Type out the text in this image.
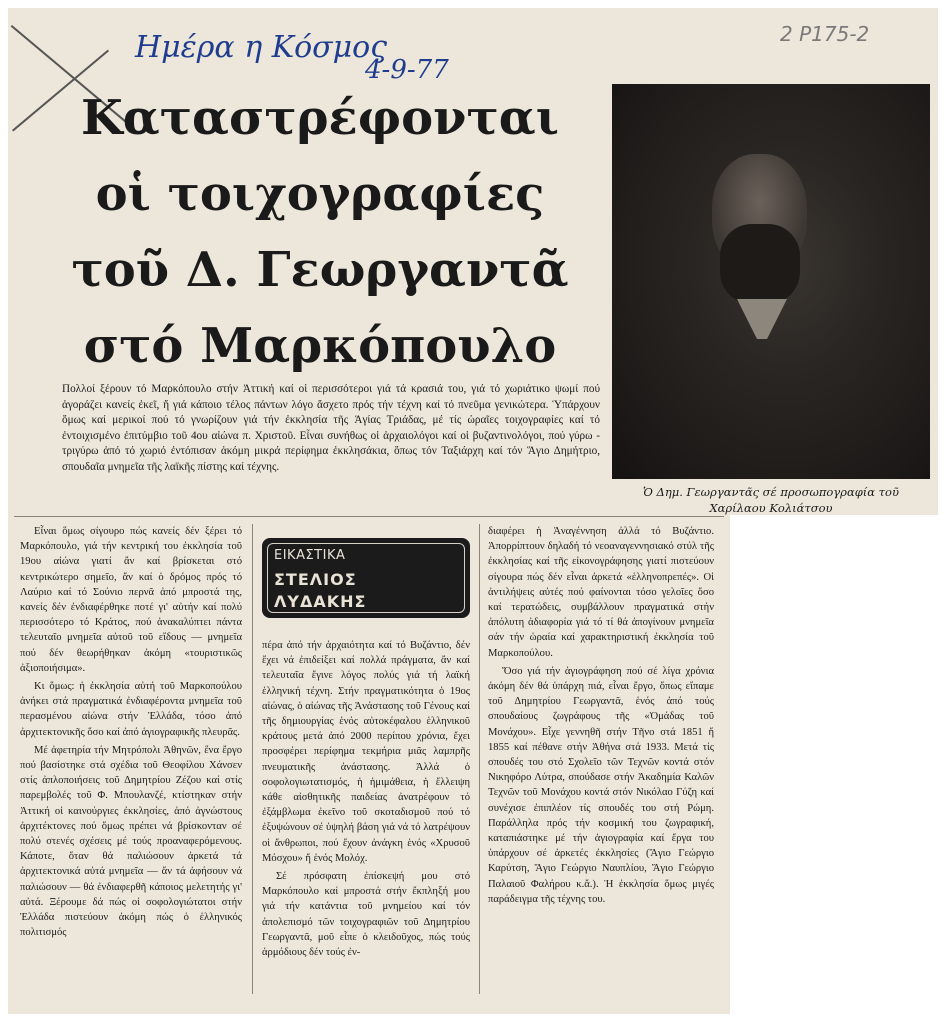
Ημέρα η Κόσμος
4-9-77
2 P175-2
Καταστρέφονται
οἱ τοιχογραφίες
τοῦ Δ. Γεωργαντᾶ
στό Μαρκόπουλο
Ὁ Δημ. Γεωργαντᾶς σέ προσωπογραφία τοῦ
Χαρίλαου Κολιάτσου
Πολλοί ξέρουν τό Μαρκόπουλο στήν Ἀττική καί οἱ περισσότεροι γιά τά κρασιά του, γιά τό χωριάτικο ψωμί πού ἀγοράζει κανείς ἐκεῖ, ἤ γιά κάποιο τέλος πάντων λόγο ἄσχετο πρός τήν τέχνη καί τό πνεῦμα γενικώτερα. Ὑπάρχουν ὅμως καί μερικοί πού τό γνωρίζουν γιά τήν ἐκκλησία τῆς Ἁγίας Τριάδας, μέ τίς ὡραῖες τοιχογραφίες καί τό ἐντοιχισμένο ἐπιτύμβιο τοῦ 4ου αἰώνα π. Χριστοῦ. Εἶναι συνήθως οἱ ἀρχαιολόγοι καί οἱ βυζαντινολόγοι, πού γύρω - τριγύρω ἀπό τό χωριό ἐντόπισαν ἀκόμη μικρά περίφημα ἐκκλησάκια, ὅπως τόν Ταξιάρχη καί τόν Ἅγιο Δημήτριο, σπουδαῖα μνημεῖα τῆς λαϊκῆς πίστης καί τέχνης.
ΕΙΚΑΣΤΙΚΑ
ΣΤΕΛΙΟΣ
ΛΥΔΑΚΗΣ

Εἶναι ὅμως σίγουρο πώς κανείς δέν ξέρει τό Μαρκόπουλο, γιά τήν κεντρική του ἐκκλησία τοῦ 19ου αἰώνα γιατί ἄν καί βρίσκεται στό κεντρικώτερο σημεῖο, ἄν καί ὁ δρόμος πρός τό Λαύριο καί τό Σούνιο περνᾶ ἀπό μπροστά της, κανείς δέν ἐνδιαφέρθηκε ποτέ γι' αὐτήν καί πολύ περισσότερο τό Κράτος, πού ἀνακαλύπτει πάντα τελευταῖο μνημεῖα αὐτοῦ τοῦ εἴδους — μνημεῖα πού δέν θεωρήθηκαν ἀκόμη «τουριστικῶς ἀξιοποιήσιμα».

Κι ὅμως: ἡ ἐκκλησία αὐτή τοῦ Μαρκοπούλου ἀνήκει στά πραγματικά ἐνδιαφέροντα μνημεῖα τοῦ περασμένου αἰώνα στήν Ἑλλάδα, τόσο ἀπό ἀρχιτεκτονικῆς ὅσο καί ἀπό ἁγιογραφικῆς πλευρᾶς.

Μέ ἀφετηρία τήν Μητρόπολι Ἀθηνῶν, ἕνα ἔργο πού βασίστηκε στά σχέδια τοῦ Θεοφίλου Χάνσεν στίς ἀπλοποιήσεις τοῦ Δημητρίου Ζέζου καί στίς παρεμβολές τοῦ Φ. Μπουλανζέ, κτίστηκαν στήν Ἀττική οἱ καινούργιες ἐκκλησίες, ἀπό ἀγνώστους ἀρχιτέκτονες πού ὅμως πρέπει νά βρίσκονταν σέ πολύ στενές σχέσεις μέ τούς προαναφερόμενους. Κάποτε, ὅταν θά παλιώσουν ἀρκετά τά ἀρχιτεκτονικά αὐτά μνημεῖα — ἄν τά ἀφήσουν νά παλιώσουν — θά ἐνδιαφερθῆ κάποιος μελετητής γι' αὐτά. Ξέρουμε δά πώς οἱ σοφολογιώτατοι στήν Ἑλλάδα πιστεύουν ἀκόμη πώς ὁ ἑλληνικός πολιτισμός

πέρα ἀπό τήν ἀρχαιότητα καί τό Βυζάντιο, δέν ἔχει νά ἐπιδείξει καί πολλά πράγματα, ἄν καί τελευταῖα ἔγινε λόγος πολύς γιά τή λαϊκή ἑλληνική τέχνη. Στήν πραγματικότητα ὁ 19ος αἰώνας, ὁ αἰώνας τῆς Ἀνάστασης τοῦ Γένους καί τῆς δημιουργίας ἑνός αὐτοκέφαλου ἑλληνικοῦ κράτους μετά ἀπό 2000 περίπου χρόνια, ἔχει προσφέρει περίφημα τεκμήρια μιᾶς λαμπρῆς πνευματικῆς ἀνάστασης. Ἀλλά ὁ σοφολογιωτατισμός, ἡ ἡμιμάθεια, ἡ ἔλλειψη κάθε αἰσθητικῆς παιδείας ἀνατρέφουν τό ἐξάμβλωμα ἐκεῖνο τοῦ σκοταδισμοῦ πού τό ἐξυψώνουν σέ ὑψηλή βάση γιά νά τό λατρέψουν οἱ ἄνθρωποι, πού ἔχουν ἀνάγκη ἑνός «Χρυσοῦ Μόσχου» ἤ ἑνός Μολόχ.

Σέ πρόσφατη ἐπίσκεψή μου στό Μαρκόπουλο καί μπροστά στήν ἔκπληξή μου γιά τήν κατάντια τοῦ μνημείου καί τόν ἀπολεπισμό τῶν τοιχογραφιῶν τοῦ Δημητρίου Γεωργαντᾶ, μοῦ εἶπε ὁ κλειδοῦχος, πώς τούς ἁρμόδιους δέν τούς ἐν-

διαφέρει ἡ Ἀναγέννηση ἀλλά τό Βυζάντιο. Ἀπορρίπτουν δηλαδή τό νεοαναγεννησιακό στύλ τῆς ἐκκλησίας καί τῆς εἰκονογράφησης γιατί πιστεύουν σίγουρα πώς δέν εἶναι ἀρκετά «ἑλληνοπρεπές». Οἱ ἀντιλήψεις αὐτές πού φαίνονται τόσο γελοῖες ὅσο καί τερατώδεις, συμβάλλουν πραγματικά στήν ἀπόλυτη ἀδιαφορία γιά τό τί θά ἀπογίνουν μνημεῖα σάν τήν ὡραία καί χαρακτηριστική ἐκκλησία τοῦ Μαρκοπούλου.

Ὅσο γιά τήν ἁγιογράφηση πού σέ λίγα χρόνια ἀκόμη δέν θά ὑπάρχη πιά, εἶναι ἔργο, ὅπως εἴπαμε τοῦ Δημητρίου Γεωργαντᾶ, ἑνός ἀπό τούς σπουδαίους ζωγράφους τῆς «Ὁμάδας τοῦ Μονάχου». Εἶχε γεννηθῆ στήν Τῆνο στά 1851 ἤ 1855 καί πέθανε στήν Ἀθήνα στά 1933. Μετά τίς σπουδές του στό Σχολεῖο τῶν Τεχνῶν κοντά στόν Νικηφόρο Λύτρα, σπούδασε στήν Ἀκαδημία Καλῶν Τεχνῶν τοῦ Μονάχου κοντά στόν Νικόλαο Γύζη καί συνέχισε ἐπιπλέον τίς σπουδές του στή Ρώμη. Παράλληλα πρός τήν κοσμική του ζωγραφική, καταπιάστηκε μέ τήν ἁγιογραφία καί ἔργα του ὑπάρχουν σέ ἀρκετές ἐκκλησίες (Ἅγιο Γεώργιο Καρύτση, Ἅγιο Γεώργιο Ναυπλίου, Ἅγιο Γεώργιο Παλαιοῦ Φαλήρου κ.ἄ.). Ἡ ἐκκλησία ὅμως μιγές παράδειγμα τῆς τέχνης του.
